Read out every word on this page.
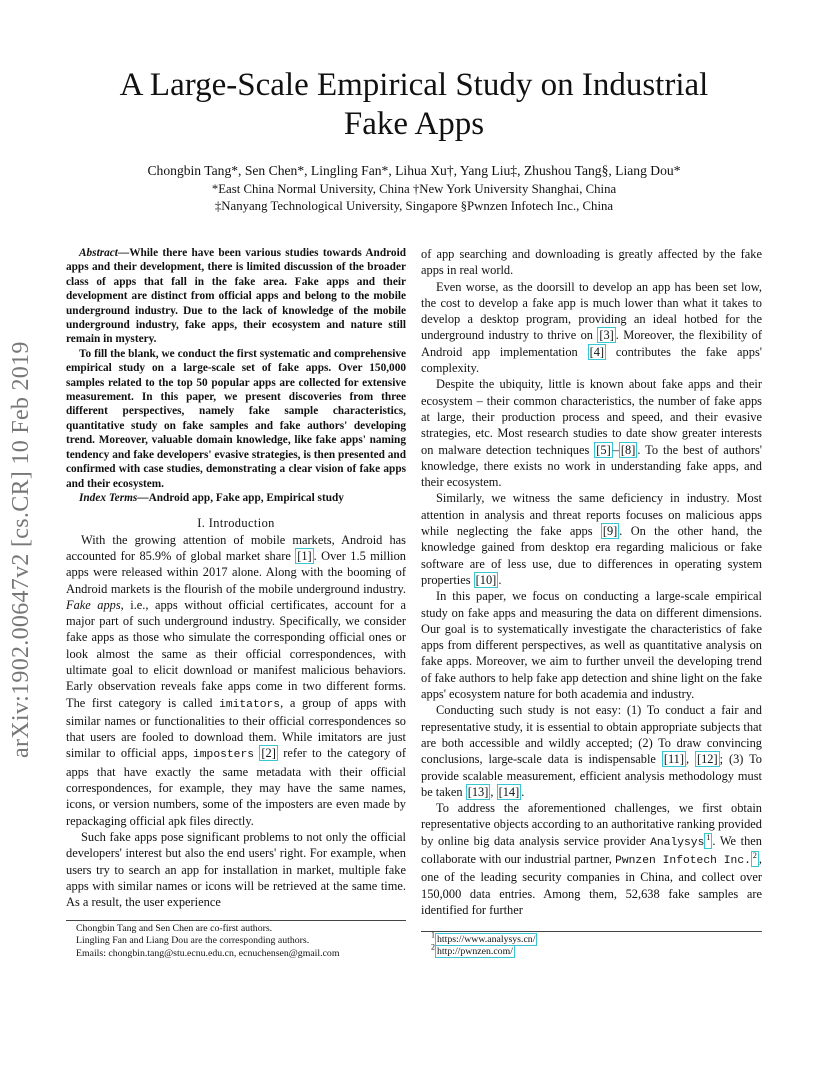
A Large-Scale Empirical Study on Industrial
Fake Apps
Chongbin Tang*, Sen Chen*, Lingling Fan*, Lihua Xu†, Yang Liu‡, Zhushou Tang§, Liang Dou*
*East China Normal University, China †New York University Shanghai, China
‡Nanyang Technological University, Singapore §Pwnzen Infotech Inc., China
arXiv:1902.00647v2 [cs.CR] 10 Feb 2019

Abstract—While there have been various studies towards Android apps and their development, there is limited discussion of the broader class of apps that fall in the fake area. Fake apps and their development are distinct from official apps and belong to the mobile underground industry. Due to the lack of knowledge of the mobile underground industry, fake apps, their ecosystem and nature still remain in mystery.

To fill the blank, we conduct the first systematic and comprehensive empirical study on a large-scale set of fake apps. Over 150,000 samples related to the top 50 popular apps are collected for extensive measurement. In this paper, we present discoveries from three different perspectives, namely fake sample characteristics, quantitative study on fake samples and fake authors' developing trend. Moreover, valuable domain knowledge, like fake apps' naming tendency and fake developers' evasive strategies, is then presented and confirmed with case studies, demonstrating a clear vision of fake apps and their ecosystem.

Index Terms—Android app, Fake app, Empirical study

I. Introduction

With the growing attention of mobile markets, Android has accounted for 85.9% of global market share [1] . Over 1.5 million apps were released within 2017 alone. Along with the booming of Android markets is the flourish of the mobile underground industry. Fake apps, i.e., apps without official certificates, account for a major part of such underground industry. Specifically, we consider fake apps as those who simulate the corresponding official ones or look almost the same as their official correspondences, with ultimate goal to elicit download or manifest malicious behaviors. Early observation reveals fake apps come in two different forms. The first category is called imitators, a group of apps with similar names or functionalities to their official correspondences so that users are fooled to download them. While imitators are just similar to official apps, imposters [2] refer to the category of apps that have exactly the same metadata with their official correspondences, for example, they may have the same names, icons, or version numbers, some of the imposters are even made by repackaging official apk files directly.

Such fake apps pose significant problems to not only the official developers' interest but also the end users' right. For example, when users try to search an app for installation in market, multiple fake apps with similar names or icons will be retrieved at the same time. As a result, the user experience

Chongbin Tang and Sen Chen are co-first authors.

Lingling Fan and Liang Dou are the corresponding authors.

Emails: chongbin.tang@stu.ecnu.edu.cn, ecnuchensen@gmail.com

of app searching and downloading is greatly affected by the fake apps in real world.

Even worse, as the doorsill to develop an app has been set low, the cost to develop a fake app is much lower than what it takes to develop a desktop program, providing an ideal hotbed for the underground industry to thrive on [3] . Moreover, the flexibility of Android app implementation [4] contributes the fake apps' complexity.

Despite the ubiquity, little is known about fake apps and their ecosystem – their common characteristics, the number of fake apps at large, their production process and speed, and their evasive strategies, etc. Most research studies to date show greater interests on malware detection techniques [5] – [8] . To the best of authors' knowledge, there exists no work in understanding fake apps, and their ecosystem.

Similarly, we witness the same deficiency in industry. Most attention in analysis and threat reports focuses on malicious apps while neglecting the fake apps [9] . On the other hand, the knowledge gained from desktop era regarding malicious or fake software are of less use, due to differences in operating system properties [10] .

In this paper, we focus on conducting a large-scale empirical study on fake apps and measuring the data on different dimensions. Our goal is to systematically investigate the characteristics of fake apps from different perspectives, as well as quantitative analysis on fake apps. Moreover, we aim to further unveil the developing trend of fake authors to help fake app detection and shine light on the fake apps' ecosystem nature for both academia and industry.

Conducting such study is not easy: (1) To conduct a fair and representative study, it is essential to obtain appropriate subjects that are both accessible and wildly accepted; (2) To draw convincing conclusions, large-scale data is indispensable [11] , [12] ; (3) To provide scalable measurement, efficient analysis methodology must be taken [13] , [14] .

To address the aforementioned challenges, we first obtain representative objects according to an authoritative ranking provided by online big data analysis service provider Analysys $^1$ . We then collaborate with our industrial partner, Pwnzen Infotech Inc. $^2$ , one of the leading security companies in China, and collect over 150,000 data entries. Among them, 52,638 fake samples are identified for further

$^1$ https://www.analysys.cn/

$^2$ http://pwnzen.com/
